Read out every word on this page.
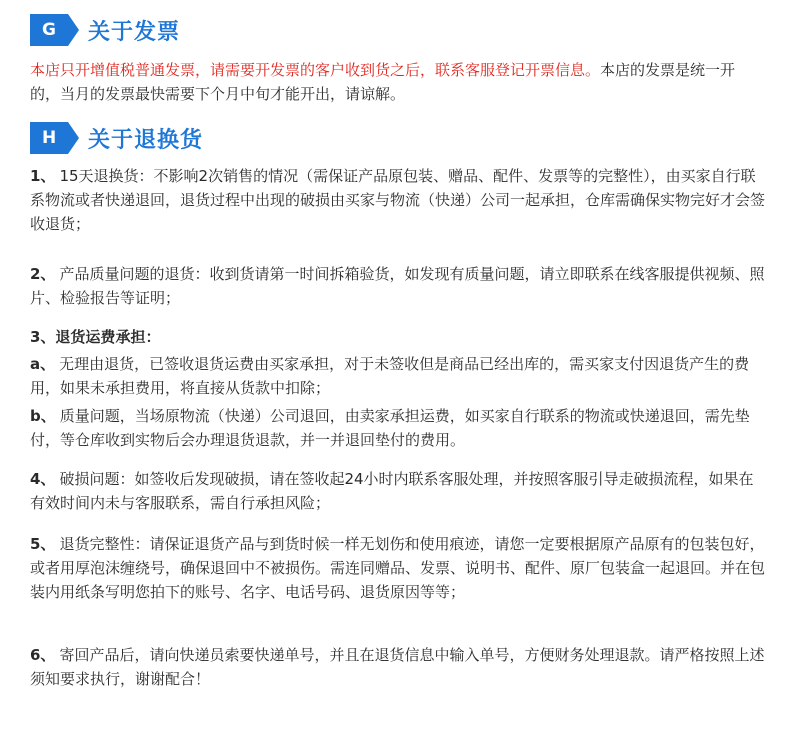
G	关于发票

本店只开增值税普通发票，请需要开发票的客户收到货之后，联系客服登记开票信息。本店的发票是统一开的，当月的发票最快需要下个月中旬才能开出，请谅解。

H	关于退换货

1、 15天退换货：不影响2次销售的情况（需保证产品原包装、赠品、配件、发票等的完整性），由买家自行联系物流或者快递退回，退货过程中出现的破损由买家与物流（快递）公司一起承担，仓库需确保实物完好才会签收退货；

2、 产品质量问题的退货：收到货请第一时间拆箱验货，如发现有质量问题，请立即联系在线客服提供视频、照片、检验报告等证明；

3、退货运费承担：

a、 无理由退货，已签收退货运费由买家承担，对于未签收但是商品已经出库的，需买家支付因退货产生的费用，如果未承担费用，将直接从货款中扣除；

b、 质量问题，当场原物流（快递）公司退回，由卖家承担运费，如买家自行联系的物流或快递退回，需先垫付，等仓库收到实物后会办理退货退款，并一并退回垫付的费用。

4、 破损问题：如签收后发现破损，请在签收起24小时内联系客服处理，并按照客服引导走破损流程，如果在有效时间内未与客服联系，需自行承担风险；

5、 退货完整性：请保证退货产品与到货时候一样无划伤和使用痕迹，请您一定要根据原产品原有的包装包好，或者用厚泡沫缠绕号，确保退回中不被损伤。需连同赠品、发票、说明书、配件、原厂包装盒一起退回。并在包装内用纸条写明您拍下的账号、名字、电话号码、退货原因等等；

6、 寄回产品后，请向快递员索要快递单号，并且在退货信息中输入单号，方便财务处理退款。请严格按照上述须知要求执行，谢谢配合！
